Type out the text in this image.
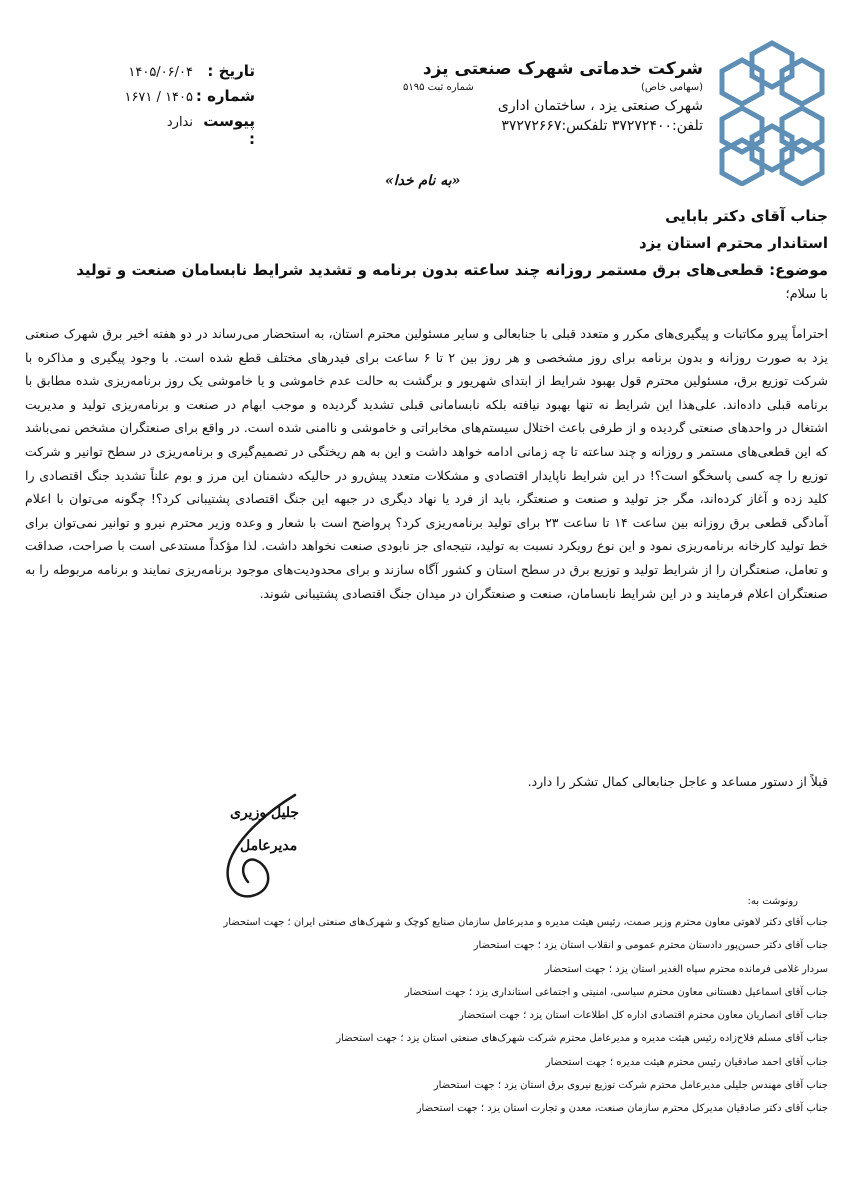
شرکت خدماتی شهرک صنعتی یزد
(سهامی خاص)
شماره ثبت ۵۱۹۵
شهرک صنعتی یزد ، ساختمان اداری
تلفن:۳۷۲۷۲۴۰۰ تلفکس:۳۷۲۷۲۶۶۷
تاریخ :
۱۴۰۵/۰۶/۰۴
شماره :
۱۴۰۵ / ۱۶۷۱
پیوست :
ندارد
«به نام خدا»
جناب آقای دکتر بابایی
استاندار محترم استان یزد
موضوع: قطعی‌های برق مستمر روزانه چند ساعته بدون برنامه و تشدید شرایط نابسامان صنعت و تولید
با سلام؛

احتراماً پیرو مکاتبات و پیگیری‌های مکرر و متعدد قبلی با جنابعالی و سایر مسئولین محترم استان، به استحضار می‌رساند در دو هفته اخیر برق شهرک صنعتی یزد به صورت روزانه و بدون برنامه برای روز مشخصی و هر روز بین ۲ تا ۶ ساعت برای فیدرهای مختلف قطع شده است. با وجود پیگیری و مذاکره با شرکت توزیع برق، مسئولین محترم قول بهبود شرایط از ابتدای شهریور و برگشت به حالت عدم خاموشی و یا خاموشی یک روز برنامه‌ریزی شده مطابق با برنامه قبلی داده‌اند. علی‌هذا این شرایط نه تنها بهبود نیافته بلکه نابسامانی قبلی تشدید گردیده و موجب ابهام در صنعت و برنامه‌ریزی تولید و مدیریت اشتغال در واحدهای صنعتی گردیده و از طرفی باعث اختلال سیستم‌های مخابراتی و خاموشی و ناامنی شده است. در واقع برای صنعتگران مشخص نمی‌باشد که این قطعی‌های مستمر و روزانه و چند ساعته تا چه زمانی ادامه خواهد داشت و این به هم ریختگی در تصمیم‌گیری و برنامه‌ریزی در سطح توانیر و شرکت توزیع را چه کسی پاسخگو است؟! در این شرایط ناپایدار اقتصادی و مشکلات متعدد پیش‌رو در حالیکه دشمنان این مرز و بوم علناً تشدید جنگ اقتصادی را کلید زده و آغاز کرده‌اند، مگر جز تولید و صنعت و صنعتگر، باید از فرد یا نهاد دیگری در جبهه این جنگ اقتصادی پشتیبانی کرد؟! چگونه می‌توان با اعلام آمادگی قطعی برق روزانه بین ساعت ۱۴ تا ساعت ۲۳ برای تولید برنامه‌ریزی کرد؟ پرواضح است با شعار و وعده وزیر محترم نیرو و توانیر نمی‌توان برای خط تولید کارخانه برنامه‌ریزی نمود و این نوع رویکرد نسبت به تولید، نتیجه‌ای جز نابودی صنعت نخواهد داشت. لذا مؤکداً مستدعی است با صراحت، صداقت و تعامل، صنعتگران را از شرایط تولید و توزیع برق در سطح استان و کشور آگاه سازند و برای محدودیت‌های موجود برنامه‌ریزی نمایند و برنامه مربوطه را به صنعتگران اعلام فرمایند و در این شرایط نابسامان، صنعت و صنعتگران در میدان جنگ اقتصادی پشتیبانی شوند.

قبلاً از دستور مساعد و عاجل جنابعالی کمال تشکر را دارد.
جلیل وزیری
مدیرعامل
رونوشت به:
جناب آقای دکتر لاهوتی معاون محترم وزیر صمت، رئیس هیئت مدیره و مدیرعامل سازمان صنایع کوچک و شهرک‌های صنعتی ایران ؛ جهت استحضار
جناب آقای دکتر حسن‌پور دادستان محترم عمومی و انقلاب استان یزد ؛ جهت استحضار
سردار غلامی فرمانده محترم سپاه الغدیر استان یزد ؛ جهت استحضار
جناب آقای اسماعیل دهستانی معاون محترم سیاسی، امنیتی و اجتماعی استانداری یزد ؛ جهت استحضار
جناب آقای انصاریان معاون محترم اقتصادی اداره کل اطلاعات استان یزد ؛ جهت استحضار
جناب آقای مسلم فلاح‌زاده رئیس هیئت مدیره و مدیرعامل محترم شرکت شهرک‌های صنعتی استان یزد ؛ جهت استحضار
جناب آقای احمد صادقیان رئیس محترم هیئت مدیره ؛ جهت استحضار
جناب آقای مهندس جلیلی مدیرعامل محترم شرکت توزیع نیروی برق استان یزد ؛ جهت استحضار
جناب آقای دکتر صادقیان مدیرکل محترم سازمان صنعت، معدن و تجارت استان یزد ؛ جهت استحضار
